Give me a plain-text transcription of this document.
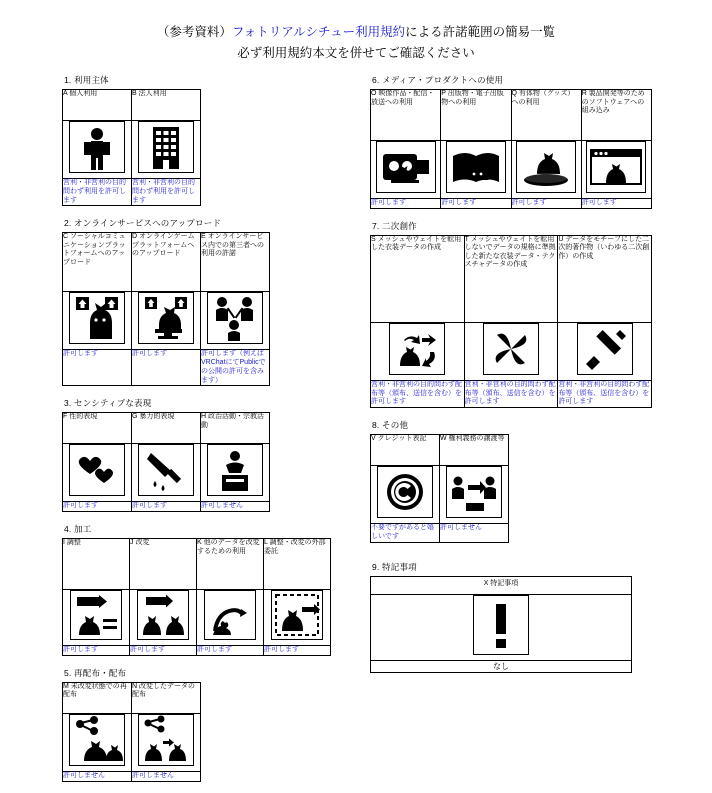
（参考資料）フォトリアルシチュー利用規約による許諾範囲の簡易一覧
必ず利用規約本文を併せてご確認ください
1. 利用主体
A 個人利用	B 法人利用

営利・非営利の目的問わず利用を許可します	営利・非営利の目的問わず利用を許可します
2. オンラインサービスへのアップロード
C ソーシャルコミュニケーションプラットフォームへのアップロード	D オンラインゲームプラットフォームへのアップロード	E オンラインサービス内での第三者への利用の許諾

許可します	許可します	許可します（例えばVRChatにてPublicでの公開の許可を含みます）
3. センシティブな表現
F 性的表現	G 暴力的表現	H 政治活動・宗教活動

許可します	許可します	許可しません
4. 加工
I 調整	J 改変	K 他のデータを改変するための利用	L 調整・改変の外部委託

許可します	許可します	許可します	許可します
5. 再配布・配布
M 未改変状態での再配布	N 改変したデータの配布

許可しません	許可しません
6. メディア・プロダクトへの使用
O 映像作品・配信・放送への利用	P 出版物・電子出版物への利用	Q 有体物（グッズ）への利用	R 製品開発等のためのソフトウェアへの組み込み

許可します	許可します	許可します	許可します
7. 二次創作
S メッシュやウェイトを転用した衣装データの作成	T メッシュやウェイトを転用しないでデータの規格に準拠した新たな衣装データ・テクスチャデータの作成	U データをモチーフにした二次的著作物（いわゆる二次創作）の作成

営利・非営利の目的問わず配布等（頒布、送信を含む）を許可します	営利・非営利の目的問わず配布等（頒布、送信を含む）を許可します	営利・非営利の目的問わず配布等（頒布、送信を含む）を許可します
8. その他
V クレジット表記	W 権利義務の譲渡等

不要ですがあると嬉しいです	許可しません
9. 特記事項
X 特記事項

なし
